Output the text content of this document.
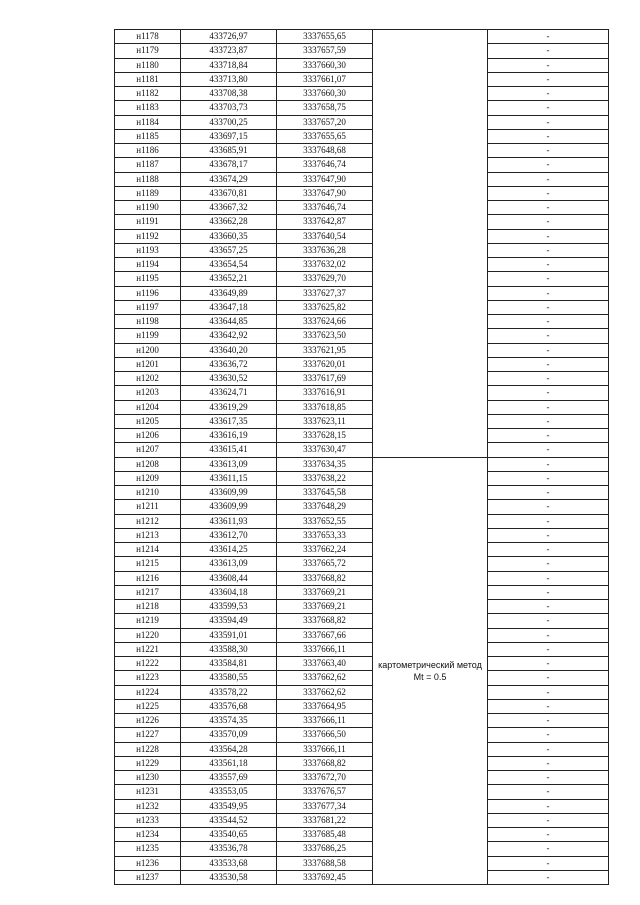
н1178	433726,97	3337655,65		-
н1179	433723,87	3337657,59		-
н1180	433718,84	3337660,30		-
н1181	433713,80	3337661,07		-
н1182	433708,38	3337660,30		-
н1183	433703,73	3337658,75		-
н1184	433700,25	3337657,20		-
н1185	433697,15	3337655,65		-
н1186	433685,91	3337648,68		-
н1187	433678,17	3337646,74		-
н1188	433674,29	3337647,90		-
н1189	433670,81	3337647,90		-
н1190	433667,32	3337646,74		-
н1191	433662,28	3337642,87		-
н1192	433660,35	3337640,54		-
н1193	433657,25	3337636,28		-
н1194	433654,54	3337632,02		-
н1195	433652,21	3337629,70		-
н1196	433649,89	3337627,37		-
н1197	433647,18	3337625,82		-
н1198	433644,85	3337624,66		-
н1199	433642,92	3337623,50		-
н1200	433640,20	3337621,95		-
н1201	433636,72	3337620,01		-
н1202	433630,52	3337617,69		-
н1203	433624,71	3337616,91		-
н1204	433619,29	3337618,85		-
н1205	433617,35	3337623,11		-
н1206	433616,19	3337628,15		-
н1207	433615,41	3337630,47		-
н1208	433613,09	3337634,35	картометрический метод Mt = 0.5	-
н1209	433611,15	3337638,22		-
н1210	433609,99	3337645,58		-
н1211	433609,99	3337648,29		-
н1212	433611,93	3337652,55		-
н1213	433612,70	3337653,33		-
н1214	433614,25	3337662,24		-
н1215	433613,09	3337665,72		-
н1216	433608,44	3337668,82		-
н1217	433604,18	3337669,21		-
н1218	433599,53	3337669,21		-
н1219	433594,49	3337668,82		-
н1220	433591,01	3337667,66		-
н1221	433588,30	3337666,11		-
н1222	433584,81	3337663,40		-
н1223	433580,55	3337662,62		-
н1224	433578,22	3337662,62		-
н1225	433576,68	3337664,95		-
н1226	433574,35	3337666,11		-
н1227	433570,09	3337666,50		-
н1228	433564,28	3337666,11		-
н1229	433561,18	3337668,82		-
н1230	433557,69	3337672,70		-
н1231	433553,05	3337676,57		-
н1232	433549,95	3337677,34		-
н1233	433544,52	3337681,22		-
н1234	433540,65	3337685,48		-
н1235	433536,78	3337686,25		-
н1236	433533,68	3337688,58		-
н1237	433530,58	3337692,45		-
